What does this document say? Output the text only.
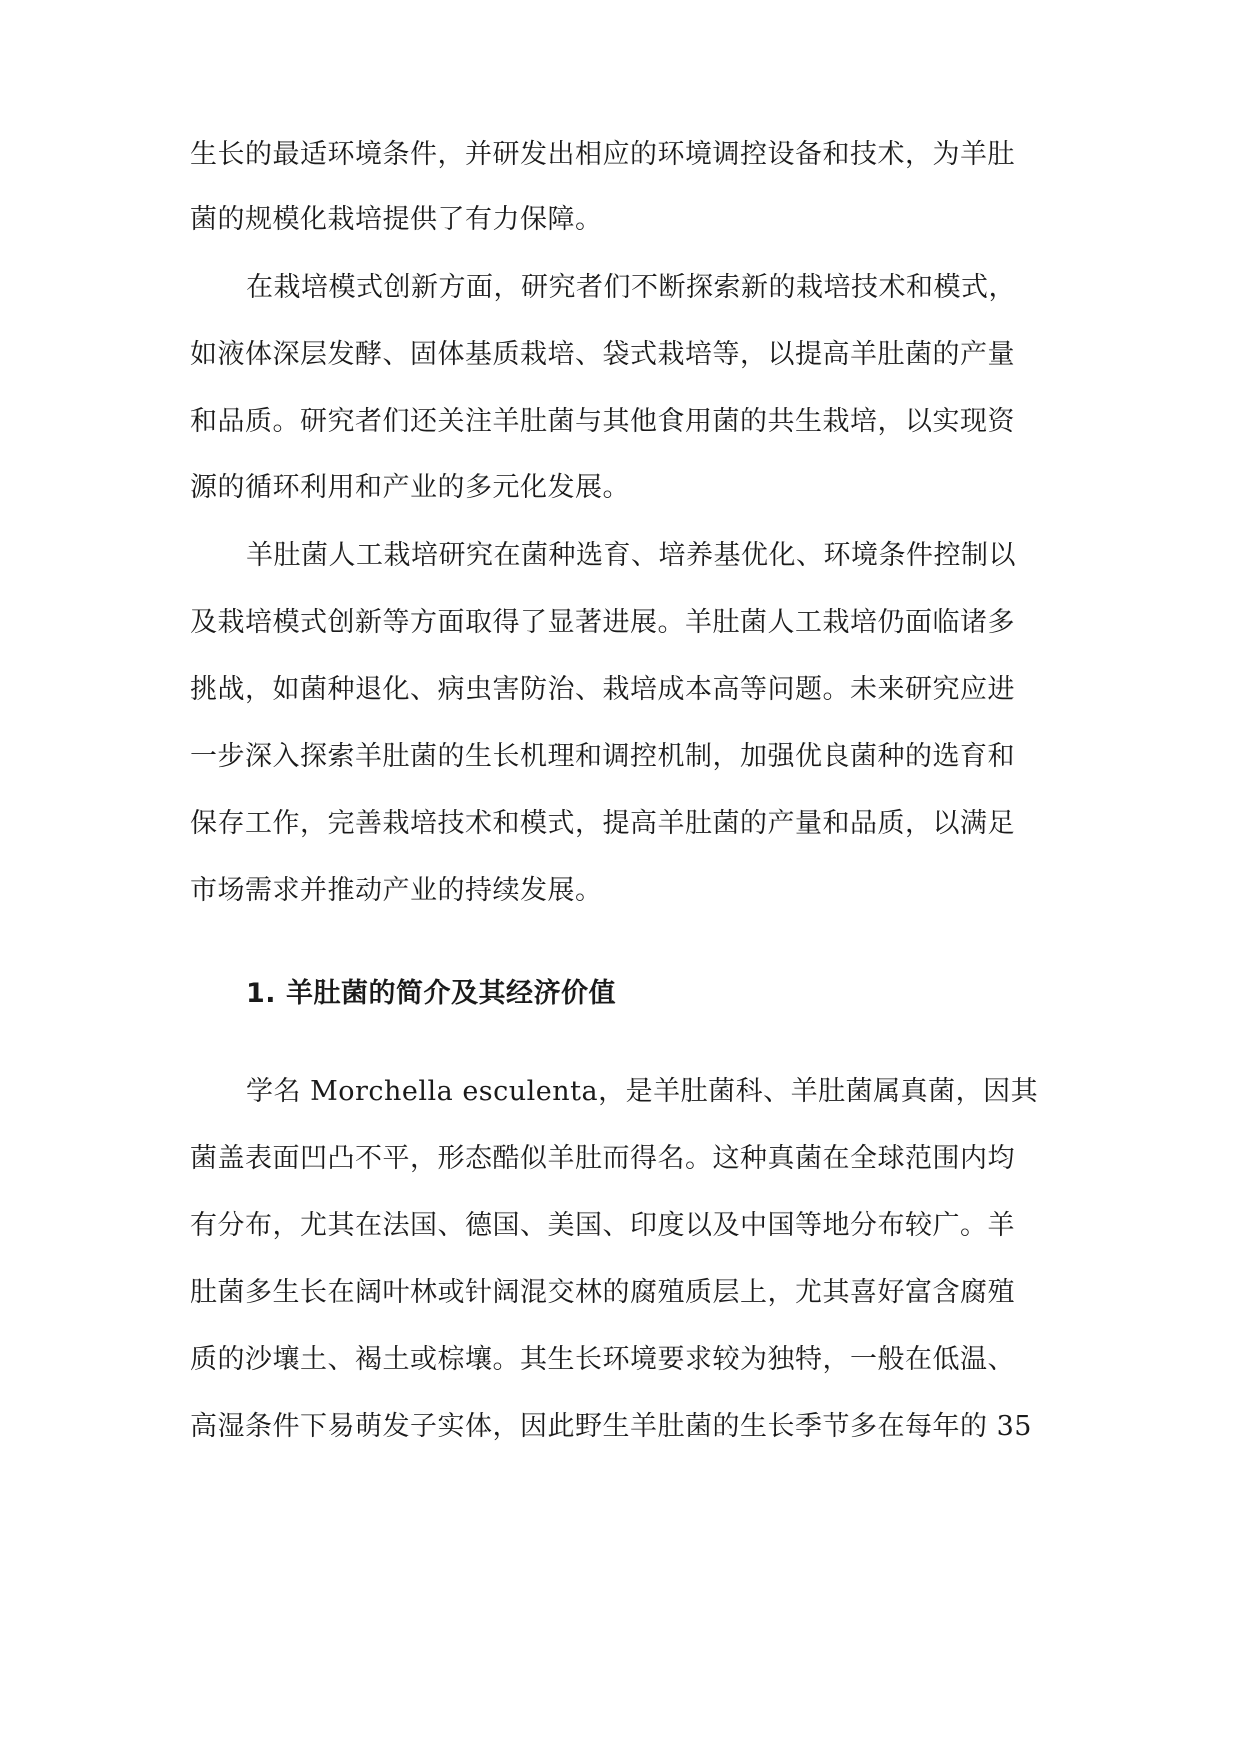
生长的最适环境条件，并研发出相应的环境调控设备和技术，为羊肚
菌的规模化栽培提供了有力保障。
在栽培模式创新方面，研究者们不断探索新的栽培技术和模式，
如液体深层发酵、固体基质栽培、袋式栽培等，以提高羊肚菌的产量
和品质。研究者们还关注羊肚菌与其他食用菌的共生栽培，以实现资
源的循环利用和产业的多元化发展。
羊肚菌人工栽培研究在菌种选育、培养基优化、环境条件控制以
及栽培模式创新等方面取得了显著进展。羊肚菌人工栽培仍面临诸多
挑战，如菌种退化、病虫害防治、栽培成本高等问题。未来研究应进
一步深入探索羊肚菌的生长机理和调控机制，加强优良菌种的选育和
保存工作，完善栽培技术和模式，提高羊肚菌的产量和品质，以满足
市场需求并推动产业的持续发展。
1. 羊肚菌的简介及其经济价值
学名 Morchella esculenta，是羊肚菌科、羊肚菌属真菌，因其
菌盖表面凹凸不平，形态酷似羊肚而得名。这种真菌在全球范围内均
有分布，尤其在法国、德国、美国、印度以及中国等地分布较广。羊
肚菌多生长在阔叶林或针阔混交林的腐殖质层上，尤其喜好富含腐殖
质的沙壤土、褐土或棕壤。其生长环境要求较为独特，一般在低温、
高湿条件下易萌发子实体，因此野生羊肚菌的生长季节多在每年的 35
